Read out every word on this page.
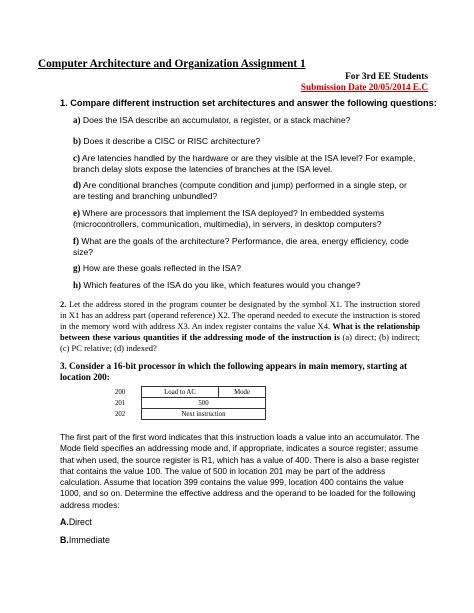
Computer Architecture and Organization Assignment 1
For 3rd EE Students
Submission Date 20/05/2014 E.C
1. Compare different instruction set architectures and answer the following questions:
a) Does the ISA describe an accumulator, a register, or a stack machine?
b) Does it describe a CISC or RISC architecture?
c) Are latencies handled by the hardware or are they visible at the ISA level? For example, branch delay slots expose the latencies of branches at the ISA level.
d) Are conditional branches (compute condition and jump) performed in a single step, or are testing and branching unbundled?
e) Where are processors that implement the ISA deployed? In embedded systems (microcontrollers, communication, multimedia), in servers, in desktop computers?
f) What are the goals of the architecture? Performance, die area, energy efficiency, code size?
g) How are these goals reflected in the ISA?
h) Which features of the ISA do you like, which features would you change?
2. Let the address stored in the program counter be designated by the symbol X1. The instruction stored in X1 has an address part (operand reference) X2. The operand needed to execute the instruction is stored in the memory word with address X3. An index register contains the value X4. What is the relationship between these various quantities if the addressing mode of the instruction is (a) direct; (b) indirect; (c) PC relative; (d) indexed?
3. Consider a 16-bit processor in which the following appears in main memory, starting at location 200:
200	Load to AC	Mode
201	500	
202	Next instruction	
The first part of the first word indicates that this instruction loads a value into an accumulator. The Mode field specifies an addressing mode and, if appropriate, indicates a source register; assume that when used, the source register is R1, which has a value of 400. There is also a base register that contains the value 100. The value of 500 in location 201 may be part of the address calculation. Assume that location 399 contains the value 999, location 400 contains the value 1000, and so on. Determine the effective address and the operand to be loaded for the following address modes:
A.Direct
B.Immediate
